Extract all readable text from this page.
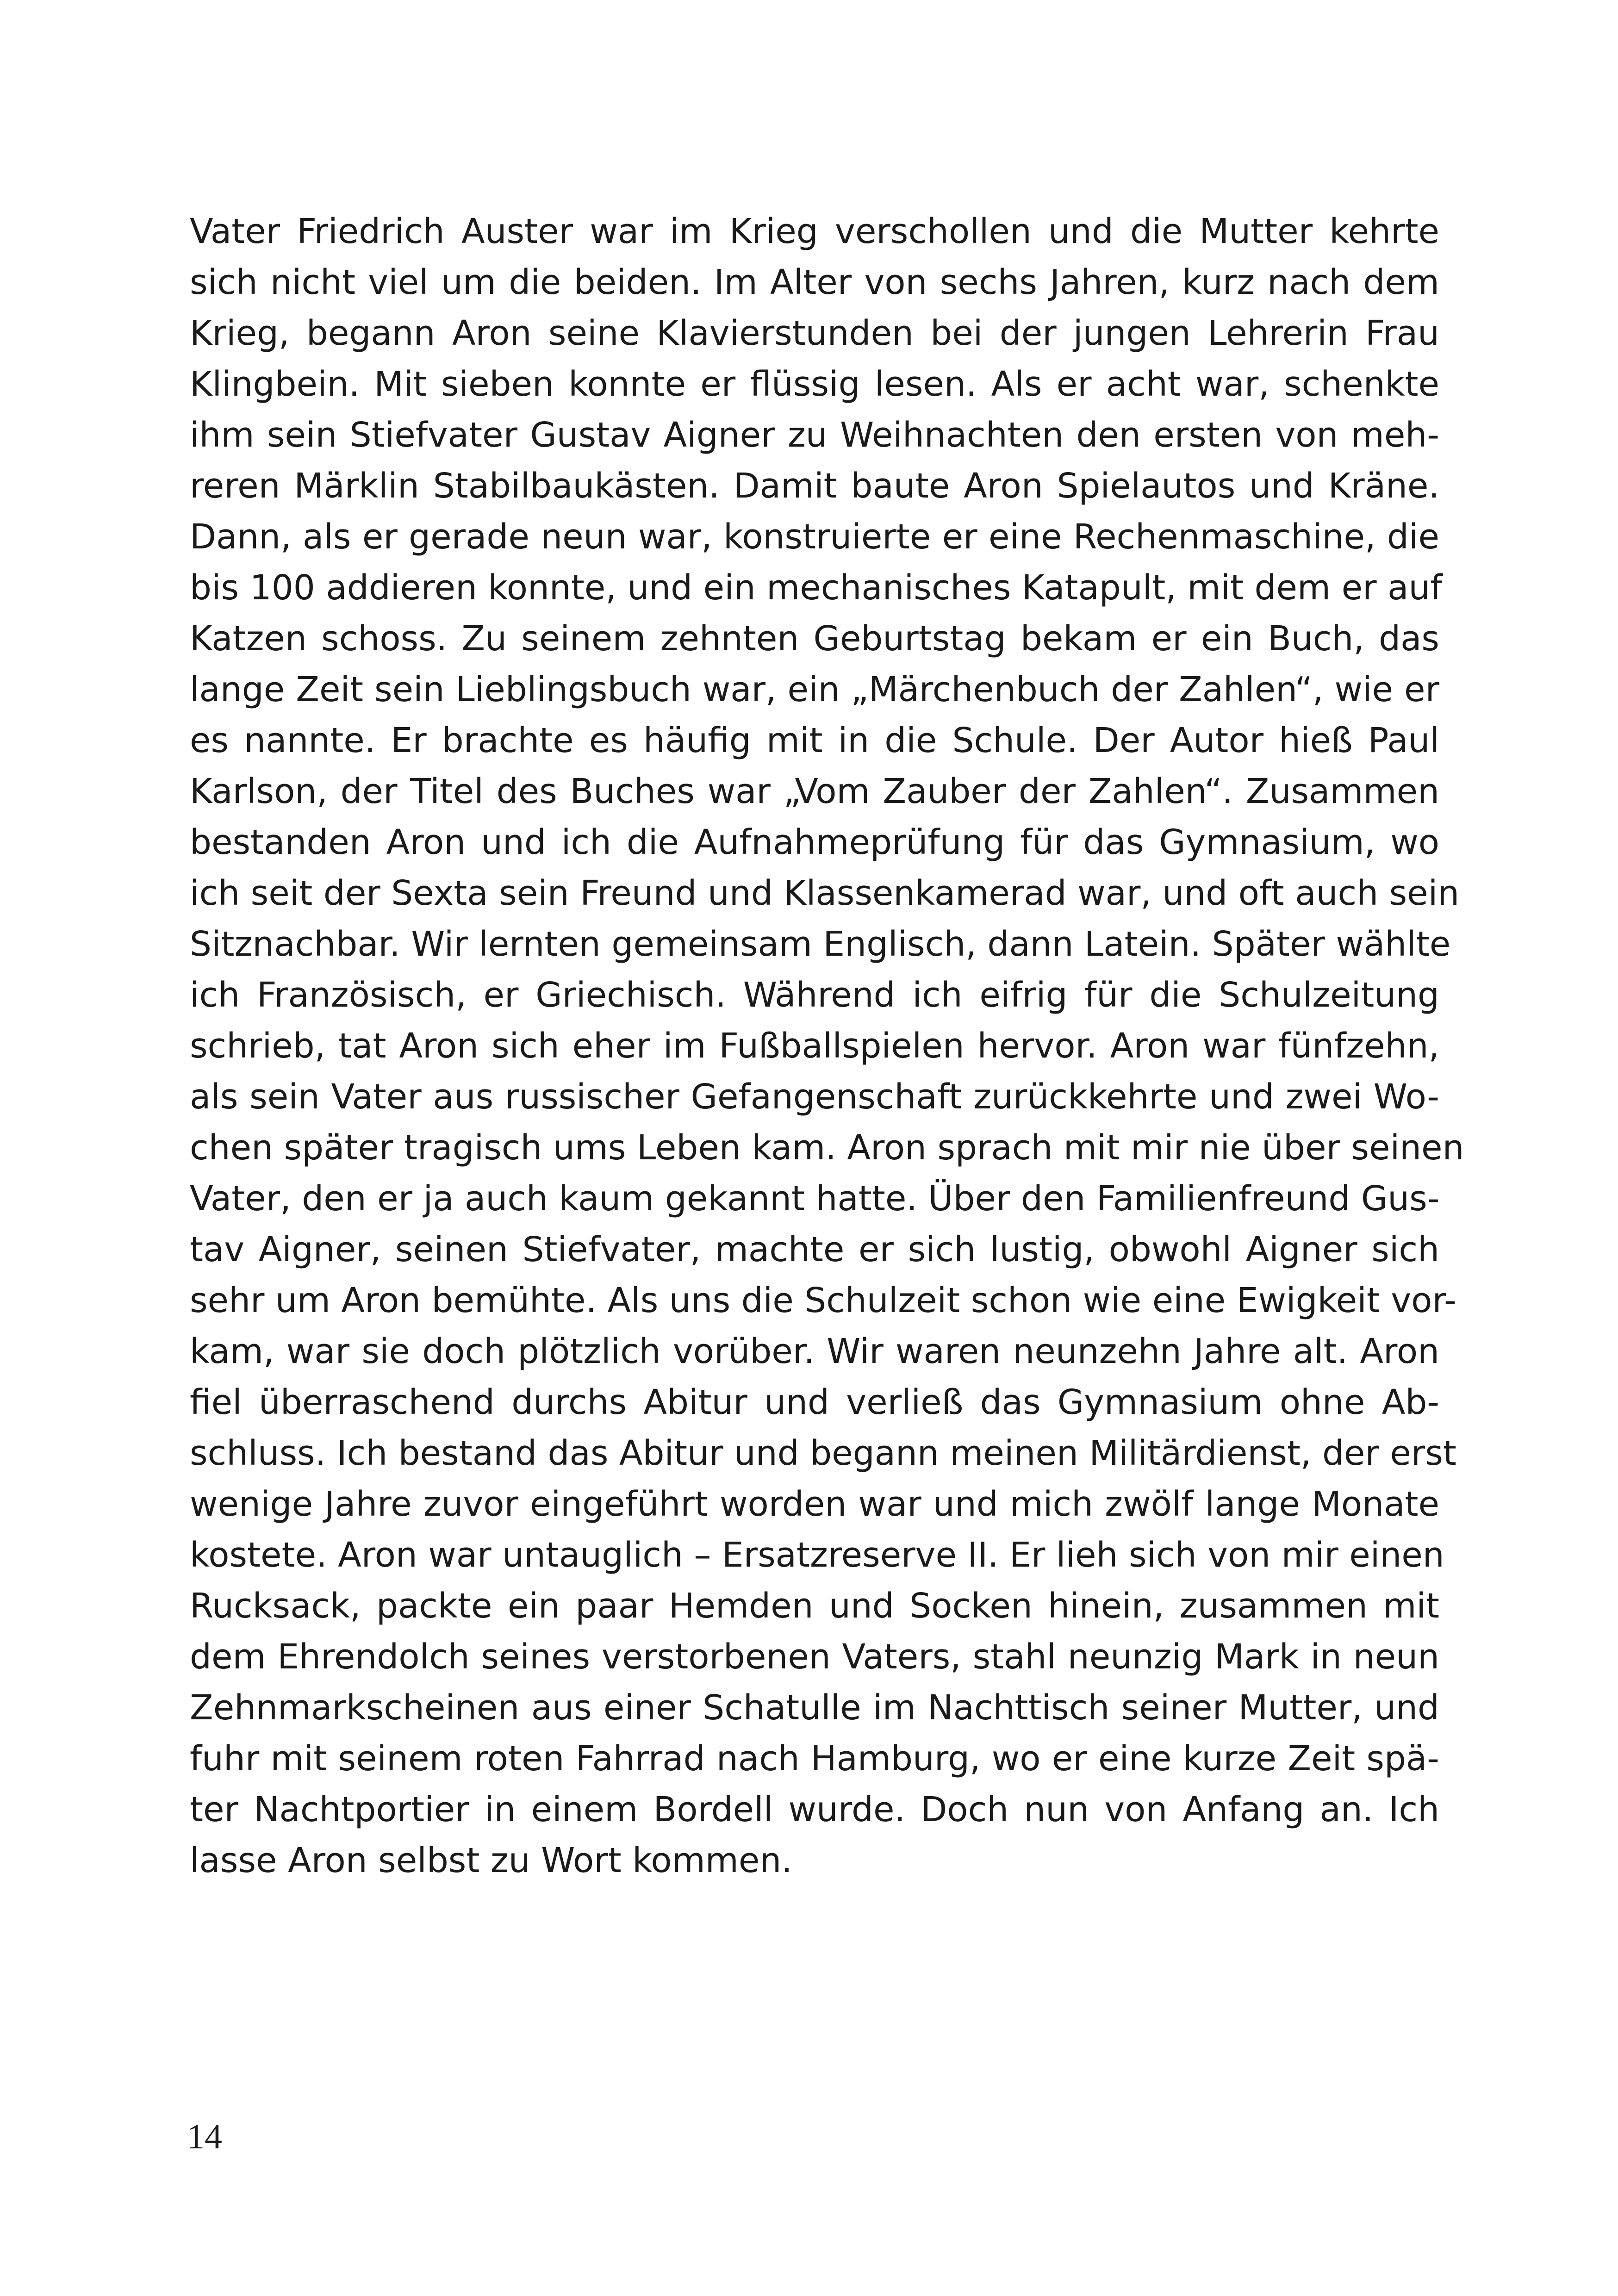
Vater Friedrich Auster war im Krieg verschollen und die Mutter kehrte
sich nicht viel um die beiden. Im Alter von sechs Jahren, kurz nach dem
Krieg, begann Aron seine Klavierstunden bei der jungen Lehrerin Frau
Klingbein. Mit sieben konnte er flüssig lesen. Als er acht war, schenkte
ihm sein Stiefvater Gustav Aigner zu Weihnachten den ersten von meh-
reren Märklin Stabilbaukästen. Damit baute Aron Spielautos und Kräne.
Dann, als er gerade neun war, konstruierte er eine Rechenmaschine, die
bis 100 addieren konnte, und ein mechanisches Katapult, mit dem er auf
Katzen schoss. Zu seinem zehnten Geburtstag bekam er ein Buch, das
lange Zeit sein Lieblingsbuch war, ein „Märchenbuch der Zahlen“, wie er
es nannte. Er brachte es häufig mit in die Schule. Der Autor hieß Paul
Karlson, der Titel des Buches war „Vom Zauber der Zahlen“. Zusammen
bestanden Aron und ich die Aufnahmeprüfung für das Gymnasium, wo
ich seit der Sexta sein Freund und Klassenkamerad war, und oft auch sein
Sitznachbar. Wir lernten gemeinsam Englisch, dann Latein. Später wählte
ich Französisch, er Griechisch. Während ich eifrig für die Schulzeitung
schrieb, tat Aron sich eher im Fußballspielen hervor. Aron war fünfzehn,
als sein Vater aus russischer Gefangenschaft zurückkehrte und zwei Wo-
chen später tragisch ums Leben kam. Aron sprach mit mir nie über seinen
Vater, den er ja auch kaum gekannt hatte. Über den Familienfreund Gus-
tav Aigner, seinen Stiefvater, machte er sich lustig, obwohl Aigner sich
sehr um Aron bemühte. Als uns die Schulzeit schon wie eine Ewigkeit vor-
kam, war sie doch plötzlich vorüber. Wir waren neunzehn Jahre alt. Aron
fiel überraschend durchs Abitur und verließ das Gymnasium ohne Ab-
schluss. Ich bestand das Abitur und begann meinen Militärdienst, der erst
wenige Jahre zuvor eingeführt worden war und mich zwölf lange Monate
kostete. Aron war untauglich – Ersatzreserve II. Er lieh sich von mir einen
Rucksack, packte ein paar Hemden und Socken hinein, zusammen mit
dem Ehrendolch seines verstorbenen Vaters, stahl neunzig Mark in neun
Zehnmarkscheinen aus einer Schatulle im Nachttisch seiner Mutter, und
fuhr mit seinem roten Fahrrad nach Hamburg, wo er eine kurze Zeit spä-
ter Nachtportier in einem Bordell wurde. Doch nun von Anfang an. Ich
lasse Aron selbst zu Wort kommen.
14
